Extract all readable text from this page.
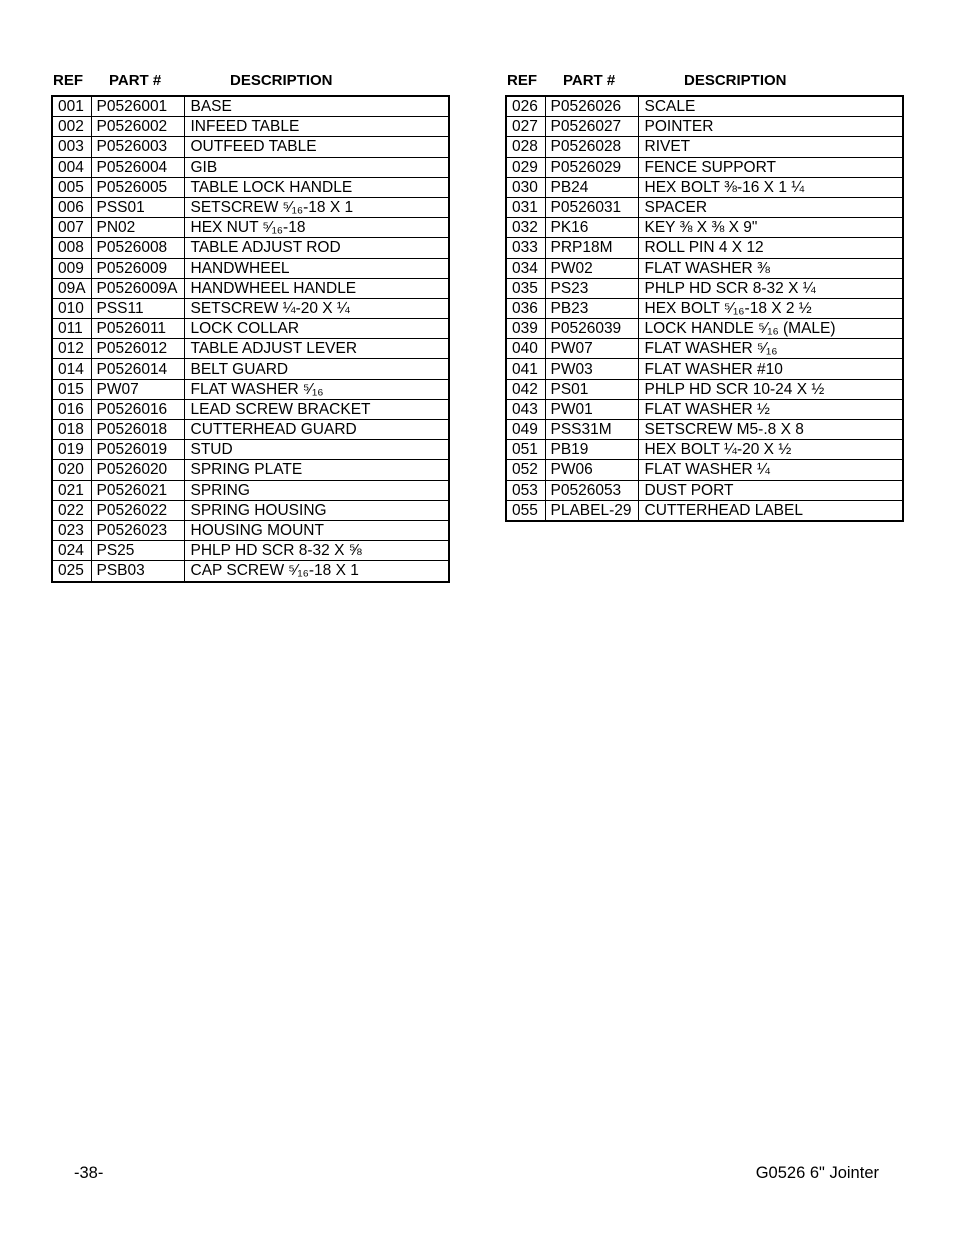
REF PART #	DESCRIPTION
001	P0526001	BASE
002	P0526002	INFEED TABLE
003	P0526003	OUTFEED TABLE
004	P0526004	GIB
005	P0526005	TABLE LOCK HANDLE
006	PSS01	SETSCREW ⁵⁄₁₆-18 X 1
007	PN02	HEX NUT ⁵⁄₁₆-18
008	P0526008	TABLE ADJUST ROD
009	P0526009	HANDWHEEL
09A	P0526009A	HANDWHEEL HANDLE
010	PSS11	SETSCREW ¼-20 X ¼
011	P0526011	LOCK COLLAR
012	P0526012	TABLE ADJUST LEVER
014	P0526014	BELT GUARD
015	PW07	FLAT WASHER ⁵⁄₁₆
016	P0526016	LEAD SCREW BRACKET
018	P0526018	CUTTERHEAD GUARD
019	P0526019	STUD
020	P0526020	SPRING PLATE
021	P0526021	SPRING
022	P0526022	SPRING HOUSING
023	P0526023	HOUSING MOUNT
024	PS25	PHLP HD SCR 8-32 X ⅝
025	PSB03	CAP SCREW ⁵⁄₁₆-18 X 1
REF PART #	DESCRIPTION
026	P0526026	SCALE
027	P0526027	POINTER
028	P0526028	RIVET
029	P0526029	FENCE SUPPORT
030	PB24	HEX BOLT ⅜-16 X 1 ¼
031	P0526031	SPACER
032	PK16	KEY ⅜ X ⅜ X 9"
033	PRP18M	ROLL PIN 4 X 12
034	PW02	FLAT WASHER ⅜
035	PS23	PHLP HD SCR 8-32 X ¼
036	PB23	HEX BOLT ⁵⁄₁₆-18 X 2 ½
039	P0526039	LOCK HANDLE ⁵⁄₁₆ (MALE)
040	PW07	FLAT WASHER ⁵⁄₁₆
041	PW03	FLAT WASHER #10
042	PS01	PHLP HD SCR 10-24 X ½
043	PW01	FLAT WASHER ½
049	PSS31M	SETSCREW M5-.8 X 8
051	PB19	HEX BOLT ¼-20 X ½
052	PW06	FLAT WASHER ¼
053	P0526053	DUST PORT
055	PLABEL-29	CUTTERHEAD LABEL
-38-	G0526 6" Jointer
